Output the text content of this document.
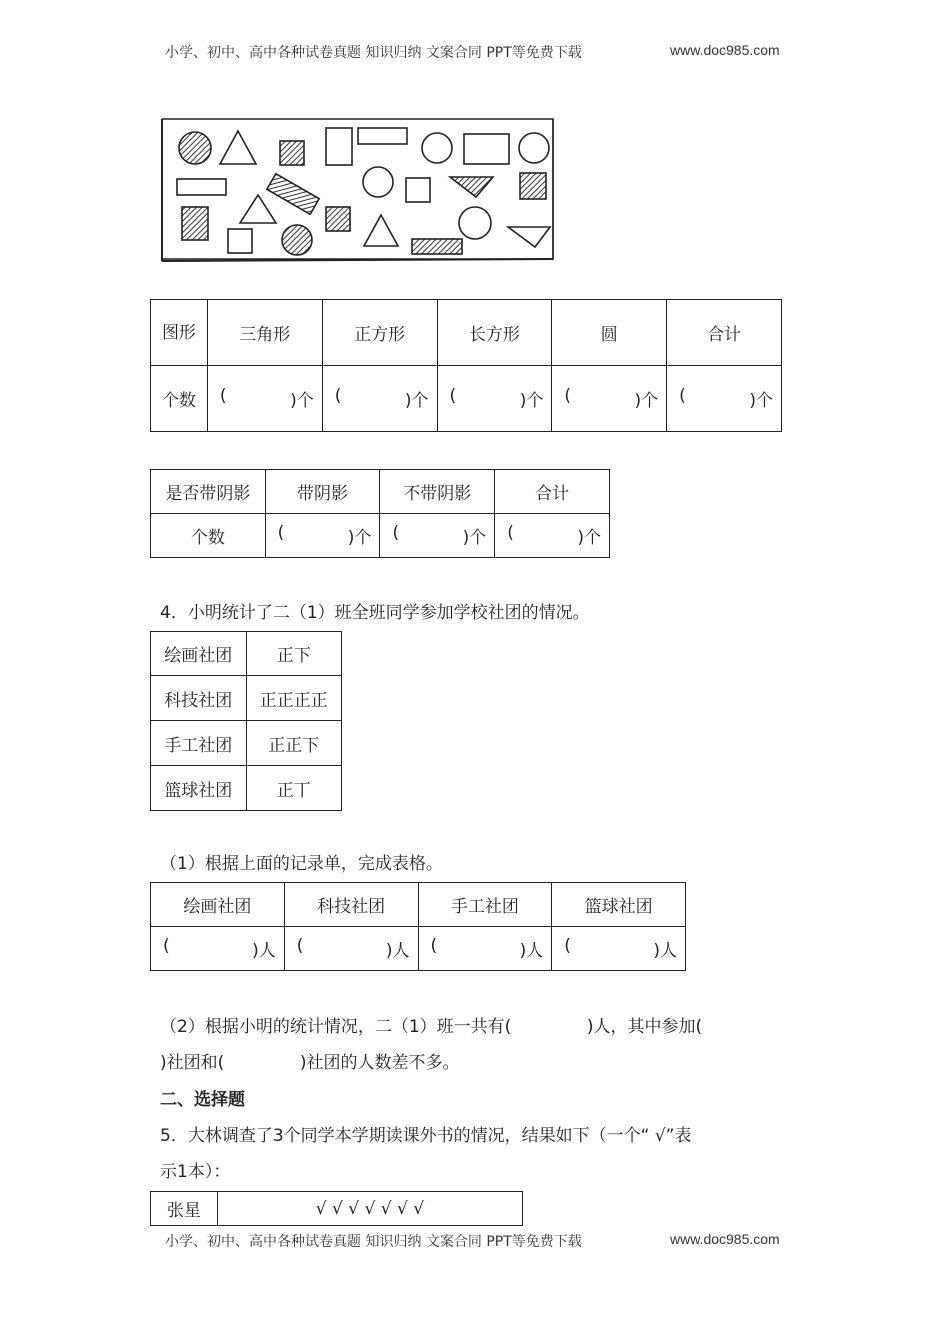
小学、初中、高中各种试卷真题 知识归纳 文案合同 PPT等免费下载	www.doc985.com
图形	三角形	正方形	长方形	圆	合计
个数	( )个	( )个	( )个	( )个	( )个
是否带阴影	带阴影	不带阴影	合计
个数	( )个	( )个	( )个
4．小明统计了二（1）班全班同学参加学校社团的情况。
绘画社团	正下
科技社团	正正正正
手工社团	正正下
篮球社团	正丅
（1）根据上面的记录单，完成表格。
绘画社团	科技社团	手工社团	篮球社团

( )人	( )人	( )人	( )人
（2）根据小明的统计情况，二（1）班一共有(              )人，其中参加(
)社团和(              )社团的人数差不多。
二、选择题
5．大林调查了3个同学本学期读课外书的情况，结果如下（一个“ √”表
示1本）：
张星	√ √ √ √ √ √ √
小学、初中、高中各种试卷真题 知识归纳 文案合同 PPT等免费下载	www.doc985.com
